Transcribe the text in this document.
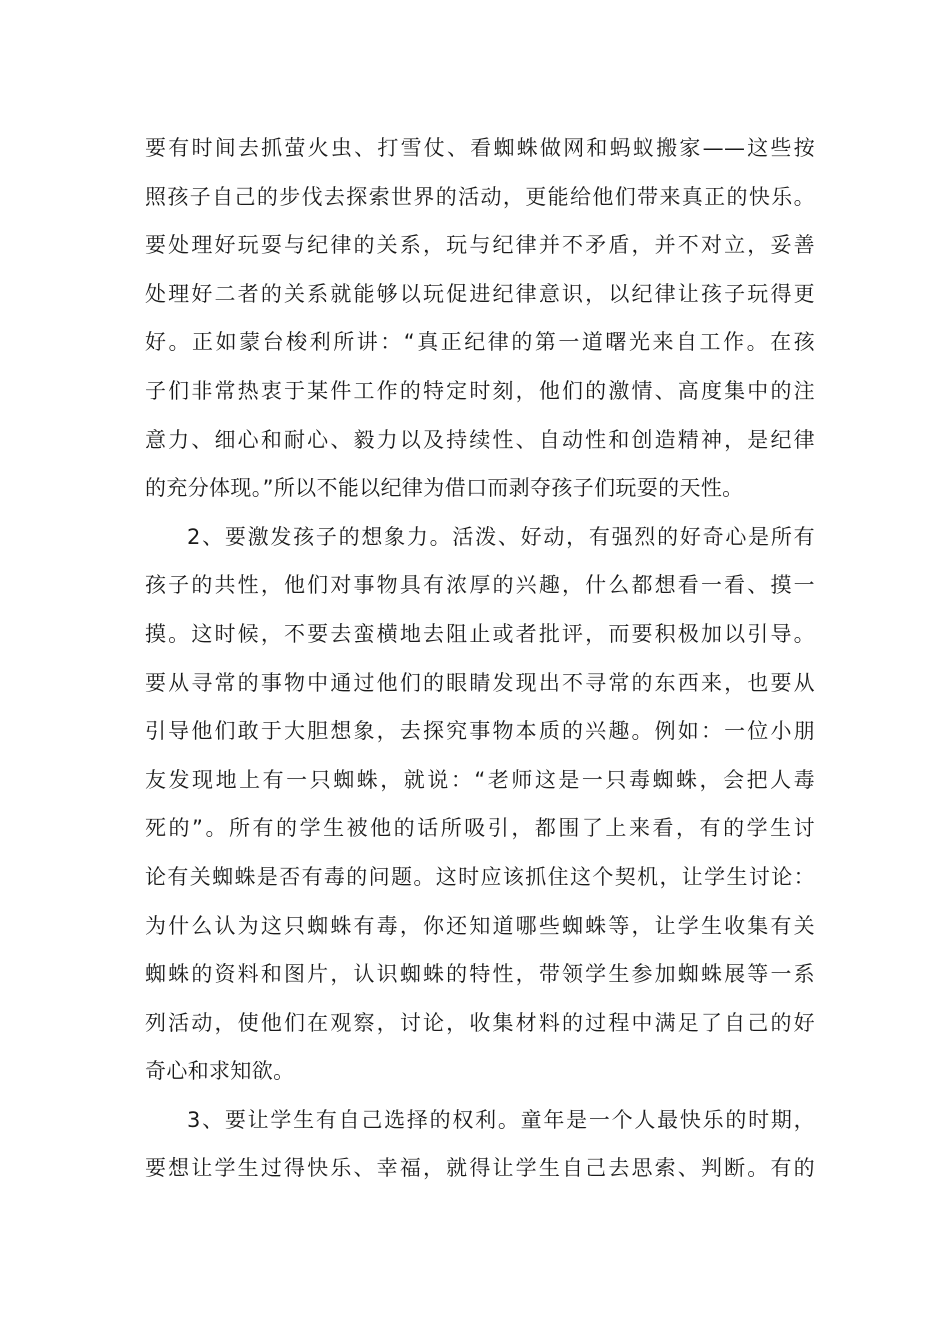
要有时间去抓萤火虫、打雪仗、看蜘蛛做网和蚂蚁搬家——这些按
照孩子自己的步伐去探索世界的活动，更能给他们带来真正的快乐。
要处理好玩耍与纪律的关系，玩与纪律并不矛盾，并不对立，妥善
处理好二者的关系就能够以玩促进纪律意识，以纪律让孩子玩得更
好。正如蒙台梭利所讲：“真正纪律的第一道曙光来自工作。在孩
子们非常热衷于某件工作的特定时刻，他们的激情、高度集中的注
意力、细心和耐心、毅力以及持续性、自动性和创造精神，是纪律
的充分体现。”所以不能以纪律为借口而剥夺孩子们玩耍的天性。
2、要激发孩子的想象力。活泼、好动，有强烈的好奇心是所有
孩子的共性，他们对事物具有浓厚的兴趣，什么都想看一看、摸一
摸。这时候，不要去蛮横地去阻止或者批评，而要积极加以引导。
要从寻常的事物中通过他们的眼睛发现出不寻常的东西来，也要从
引导他们敢于大胆想象，去探究事物本质的兴趣。例如：一位小朋
友发现地上有一只蜘蛛，就说：“老师这是一只毒蜘蛛，会把人毒
死的”。所有的学生被他的话所吸引，都围了上来看，有的学生讨
论有关蜘蛛是否有毒的问题。这时应该抓住这个契机，让学生讨论：
为什么认为这只蜘蛛有毒，你还知道哪些蜘蛛等，让学生收集有关
蜘蛛的资料和图片，认识蜘蛛的特性，带领学生参加蜘蛛展等一系
列活动，使他们在观察，讨论，收集材料的过程中满足了自己的好
奇心和求知欲。
3、要让学生有自己选择的权利。童年是一个人最快乐的时期，
要想让学生过得快乐、幸福，就得让学生自己去思索、判断。有的
